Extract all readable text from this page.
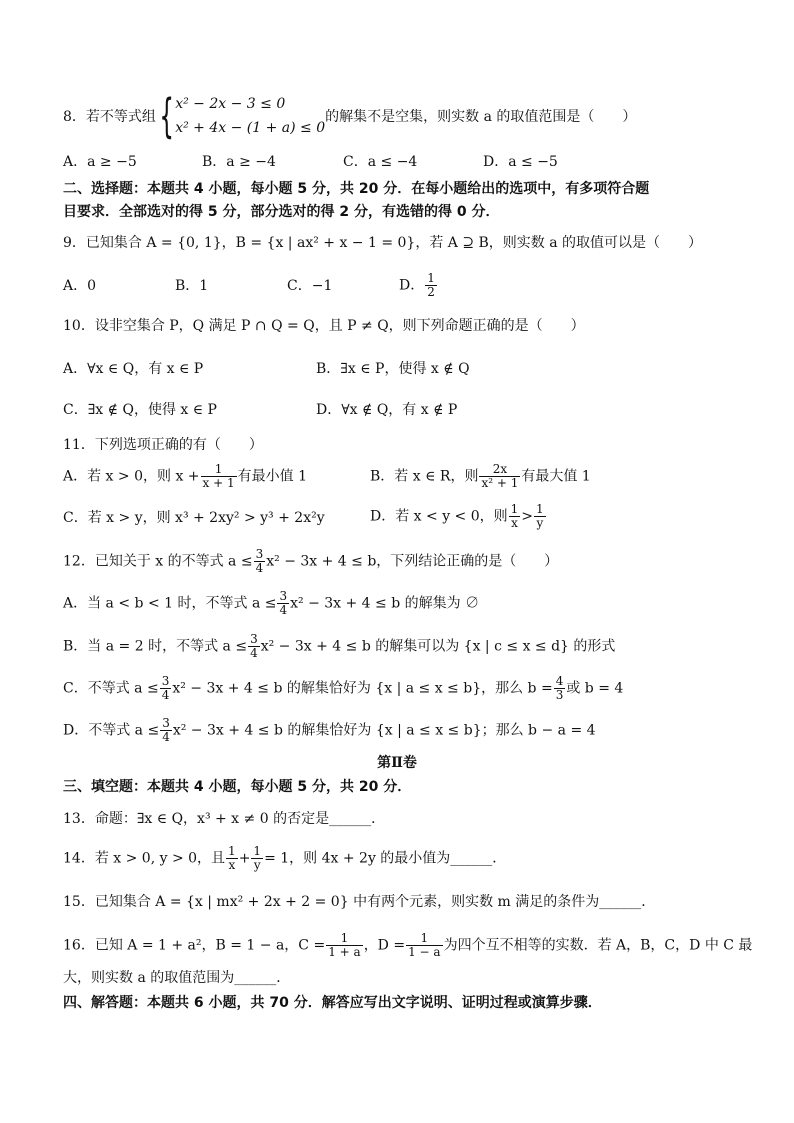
8．若不等式组 { x² − 2x − 3 ≤ 0
x² + 4x − (1 + a) ≤ 0
的解集不是空集，则实数 a 的取值范围是（　　）
A．a ≥ −5	B．a ≥ −4	C．a ≤ −4	D．a ≤ −5
二、选择题：本题共 4 小题，每小题 5 分，共 20 分．在每小题给出的选项中，有多项符合题
目要求．全部选对的得 5 分，部分选对的得 2 分，有选错的得 0 分．
9．已知集合 A = {0, 1}，B = {x | ax² + x − 1 = 0}，若 A ⊇ B，则实数 a 的取值可以是（　　）
A．0	B．1	C．−1	D． $\frac{1}{2}$
10．设非空集合 P，Q 满足 P ∩ Q = Q，且 P ≠ Q，则下列命题正确的是（　　）
A．∀x ∈ Q，有 x ∈ P	B．∃x ∈ P，使得 x ∉ Q
C．∃x ∉ Q，使得 x ∈ P	D．∀x ∉ Q，有 x ∉ P
11．下列选项正确的有（　　）
A．若 x > 0，则 $x + \frac{1}{x + 1}$ 有最小值 1	B．若 x ∈ R，则 $\frac{2x}{\text{x² + 1}}$ 有最大值 1
C．若 x > y，则 x³ + 2xy² > y³ + 2x²y	D．若 x < y < 0，则 $\frac{1}{x} > \frac{1}{y}$
12．已知关于 x 的不等式 $a \le \frac{3}{4} x^2 - 3x + 4 \le b$，下列结论正确的是（　　）
A．当 a < b < 1 时，不等式 $a \le \frac{3}{4} x^2 - 3x + 4 \le b$ 的解集为 ∅
B．当 a = 2 时，不等式 $a \le \frac{3}{4} x^2 - 3x + 4 \le b$ 的解集可以为 {x | c ≤ x ≤ d} 的形式
C．不等式 $a \le \frac{3}{4} x^2 - 3x + 4 \le b$ 的解集恰好为 {x | a ≤ x ≤ b}，那么 $b = \frac{4}{3}$ 或 b = 4
D．不等式 $a \le \frac{3}{4} x^2 - 3x + 4 \le b$ 的解集恰好为 {x | a ≤ x ≤ b}；那么 b − a = 4
第Ⅱ卷
三、填空题：本题共 4 小题，每小题 5 分，共 20 分．
13．命题：∃x ∈ Q，x³ + x ≠ 0 的否定是______．
14．若 x > 0, y > 0，且 $\frac{1}{x} + \frac{1}{y} = 1$，则 4x + 2y 的最小值为______．
15．已知集合 A = {x | mx² + 2x + 2 = 0} 中有两个元素，则实数 m 满足的条件为______．
16．已知 A = 1 + a²，B = 1 − a，$C = \frac{1}{1 + a}$ ，$D = \frac{1}{1 - a}$ 为四个互不相等的实数．若 A，B，C，D 中 C 最
大，则实数 a 的取值范围为______．
四、解答题：本题共 6 小题，共 70 分．解答应写出文字说明、证明过程或演算步骤．
